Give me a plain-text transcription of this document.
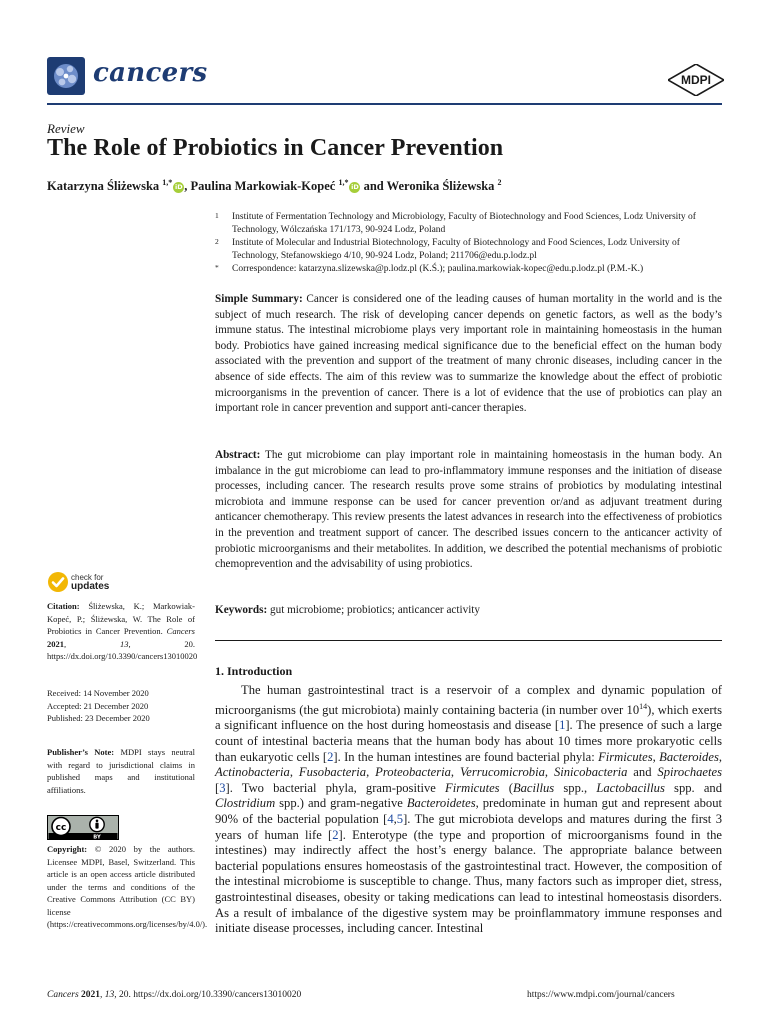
cancers	MDPI
Review
The Role of Probiotics in Cancer Prevention
Katarzyna Śliżewska $^{1,*}$iD , Paulina Markowiak-Kopeć $^{1,*}$iD and Weronika Śliżewska $^2$
1 Institute of Fermentation Technology and Microbiology, Faculty of Biotechnology and Food Sciences, Lodz University of Technology, Wólczańska 171/173, 90-924 Lodz, Poland
2 Institute of Molecular and Industrial Biotechnology, Faculty of Biotechnology and Food Sciences, Lodz University of Technology, Stefanowskiego 4/10, 90-924 Lodz, Poland; 211706@edu.p.lodz.pl
* Correspondence: katarzyna.slizewska@p.lodz.pl (K.Ś.); paulina.markowiak-kopec@edu.p.lodz.pl (P.M.-K.)
Simple Summary: Cancer is considered one of the leading causes of human mortality in the world and is the subject of much research. The risk of developing cancer depends on genetic factors, as well as the body’s immune status. The intestinal microbiome plays very important role in maintaining homeostasis in the human body. Probiotics have gained increasing medical significance due to the beneficial effect on the human body associated with the prevention and support of the treatment of many chronic diseases, including cancer in the absence of side effects. The aim of this review was to summarize the knowledge about the effect of probiotic microorganisms in the prevention of cancer. There is a lot of evidence that the use of probiotics can play an important role in cancer prevention and support anti-cancer therapies.
Abstract: The gut microbiome can play important role in maintaining homeostasis in the human body. An imbalance in the gut microbiome can lead to pro-inflammatory immune responses and the initiation of disease processes, including cancer. The research results prove some strains of probiotics by modulating intestinal microbiota and immune response can be used for cancer prevention or/and as adjuvant treatment during anticancer chemotherapy. This review presents the latest advances in research into the effectiveness of probiotics in the prevention and treatment support of cancer. The described issues concern to the anticancer activity of probiotic microorganisms and their metabolites. In addition, we described the potential mechanisms of probiotic chemoprevention and the advisability of using probiotics.
Keywords: gut microbiome; probiotics; anticancer activity
1. Introduction

The human gastrointestinal tract is a reservoir of a complex and dynamic population of microorganisms (the gut microbiota) mainly containing bacteria (in number over $10^{14}$), which exerts a significant influence on the host during homeostasis and disease [1]. The presence of such a large count of intestinal bacteria means that the human body has about 10 times more prokaryotic cells than eukaryotic cells [2]. In the human intestines are found bacterial phyla: Firmicutes, Bacteroides, Actinobacteria, Fusobacteria, Proteobacteria, Verrucomicrobia, Sinicobacteria and Spirochaetes [3]. Two bacterial phyla, gram-positive Firmicutes (Bacillus spp., Lactobacillus spp. and Clostridium spp.) and gram-negative Bacteroidetes, predominate in human gut and represent about 90% of the bacterial population [4,5]. The gut microbiota develops and matures during the first 3 years of human life [2]. Enterotype (the type and proportion of microorganisms found in the intestines) may indirectly affect the host’s energy balance. The appropriate balance between bacterial populations ensures homeostasis of the gastrointestinal tract. However, the composition of the intestinal microbiome is susceptible to change. Thus, many factors such as improper diet, stress, gastrointestinal diseases, obesity or taking medications can lead to intestinal homeostasis disorders. As a result of imbalance of the digestive system may be proinflammatory immune responses and initiate disease processes, including cancer. Intestinal

check for
updates
Citation: Śliżewska, K.; Markowiak-Kopeć, P.; Śliżewska, W. The Role of Probiotics in Cancer Prevention. Cancers 2021, 13, 20. https://dx.doi.org/10.3390/cancers13010020
Received: 14 November 2020
Accepted: 21 December 2020
Published: 23 December 2020
Publisher’s Note: MDPI stays neutral with regard to jurisdictional claims in published maps and institutional affiliations.
cc
BY
Copyright: © 2020 by the authors. Licensee MDPI, Basel, Switzerland. This article is an open access article distributed under the terms and conditions of the Creative Commons Attribution (CC BY) license (https://creativecommons.org/licenses/by/4.0/).
Cancers 2021, 13, 20. https://dx.doi.org/10.3390/cancers13010020	https://www.mdpi.com/journal/cancers
